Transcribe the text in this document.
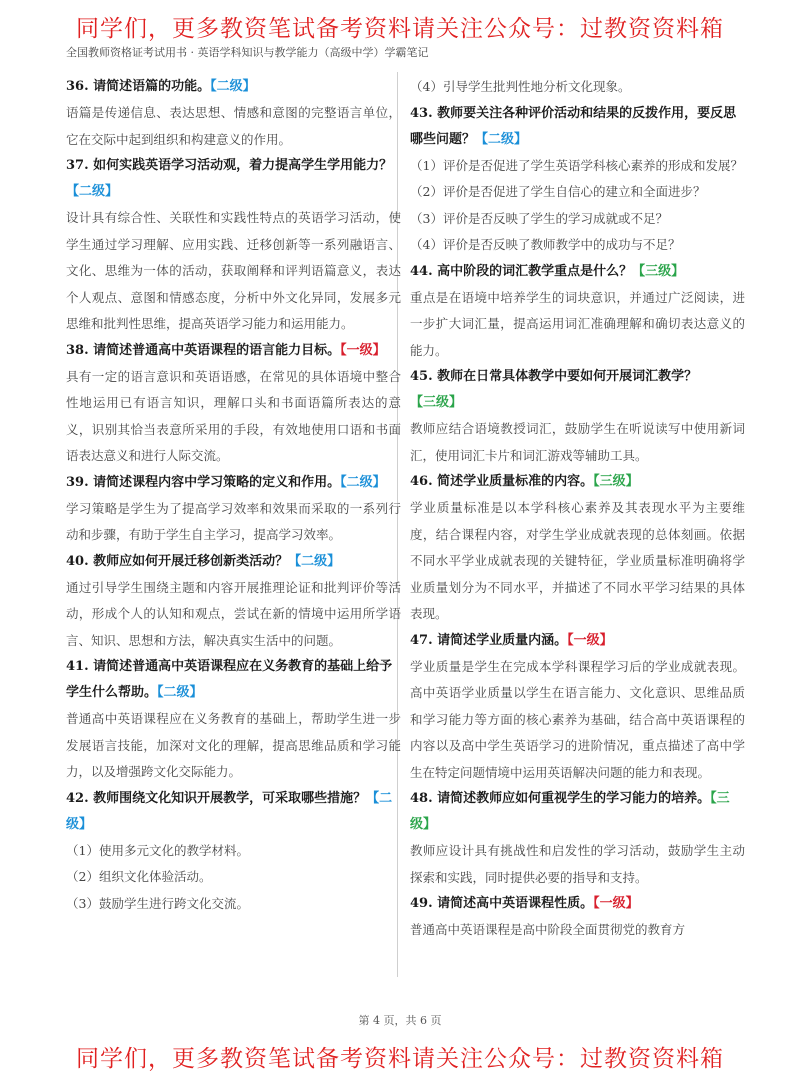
同学们，更多教资笔试备考资料请关注公众号：过教资资料箱
全国教师资格证考试用书 · 英语学科知识与教学能力（高级中学）学霸笔记

36. 请简述语篇的功能。【二级】

语篇是传递信息、表达思想、情感和意图的完整语言单位，它在交际中起到组织和构建意义的作用。

37. 如何实践英语学习活动观，着力提高学生学用能力？【二级】

设计具有综合性、关联性和实践性特点的英语学习活动，使学生通过学习理解、应用实践、迁移创新等一系列融语言、文化、思维为一体的活动，获取阐释和评判语篇意义，表达个人观点、意图和情感态度，分析中外文化异同，发展多元思维和批判性思维，提高英语学习能力和运用能力。

38. 请简述普通高中英语课程的语言能力目标。【一级】

具有一定的语言意识和英语语感，在常见的具体语境中整合性地运用已有语言知识，理解口头和书面语篇所表达的意义，识别其恰当表意所采用的手段，有效地使用口语和书面语表达意义和进行人际交流。

39. 请简述课程内容中学习策略的定义和作用。【二级】

学习策略是学生为了提高学习效率和效果而采取的一系列行动和步骤，有助于学生自主学习，提高学习效率。

40. 教师应如何开展迁移创新类活动？【二级】

通过引导学生围绕主题和内容开展推理论证和批判评价等活动，形成个人的认知和观点，尝试在新的情境中运用所学语言、知识、思想和方法，解决真实生活中的问题。

41. 请简述普通高中英语课程应在义务教育的基础上给予学生什么帮助。【二级】

普通高中英语课程应在义务教育的基础上，帮助学生进一步发展语言技能，加深对文化的理解，提高思维品质和学习能力，以及增强跨文化交际能力。

42. 教师围绕文化知识开展教学，可采取哪些措施？【二级】

（1）使用多元文化的教学材料。

（2）组织文化体验活动。

（3）鼓励学生进行跨文化交流。

（4）引导学生批判性地分析文化现象。

43. 教师要关注各种评价活动和结果的反拨作用，要反思哪些问题？【二级】

（1）评价是否促进了学生英语学科核心素养的形成和发展？

（2）评价是否促进了学生自信心的建立和全面进步？

（3）评价是否反映了学生的学习成就或不足？

（4）评价是否反映了教师教学中的成功与不足？

44. 高中阶段的词汇教学重点是什么？【三级】

重点是在语境中培养学生的词块意识，并通过广泛阅读，进一步扩大词汇量，提高运用词汇准确理解和确切表达意义的能力。

45. 教师在日常具体教学中要如何开展词汇教学？【三级】

教师应结合语境教授词汇，鼓励学生在听说读写中使用新词汇，使用词汇卡片和词汇游戏等辅助工具。

46. 简述学业质量标准的内容。【三级】

学业质量标准是以本学科核心素养及其表现水平为主要维度，结合课程内容，对学生学业成就表现的总体刻画。依据不同水平学业成就表现的关键特征，学业质量标准明确将学业质量划分为不同水平，并描述了不同水平学习结果的具体表现。

47. 请简述学业质量内涵。【一级】

学业质量是学生在完成本学科课程学习后的学业成就表现。高中英语学业质量以学生在语言能力、文化意识、思维品质和学习能力等方面的核心素养为基础，结合高中英语课程的内容以及高中学生英语学习的进阶情况，重点描述了高中学生在特定问题情境中运用英语解决问题的能力和表现。

48. 请简述教师应如何重视学生的学习能力的培养。【三级】

教师应设计具有挑战性和启发性的学习活动，鼓励学生主动探索和实践，同时提供必要的指导和支持。

49. 请简述高中英语课程性质。【一级】

普通高中英语课程是高中阶段全面贯彻党的教育方

第 4 页，共 6 页
同学们，更多教资笔试备考资料请关注公众号：过教资资料箱
